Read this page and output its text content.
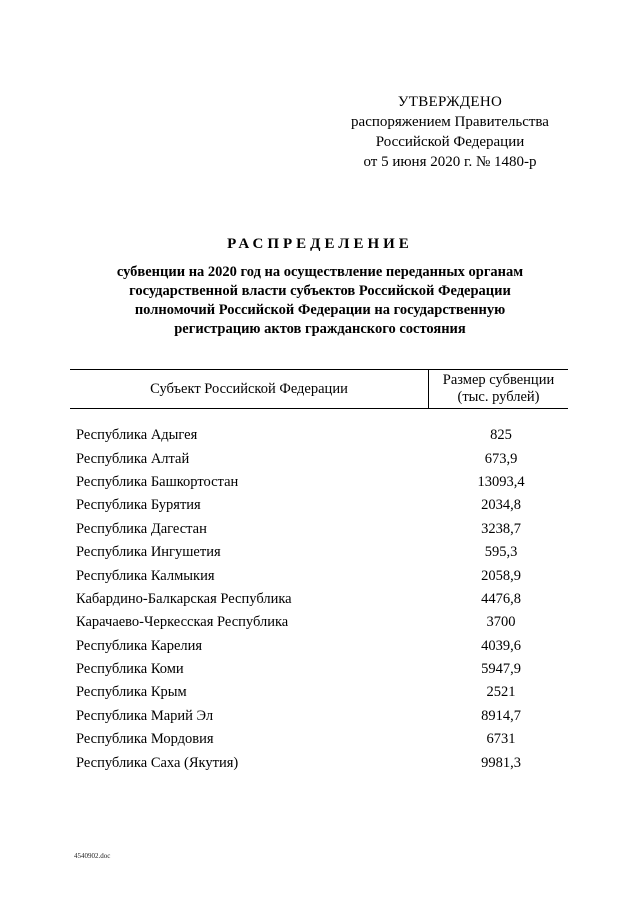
УТВЕРЖДЕНО
распоряжением Правительства
Российской Федерации
от 5 июня 2020 г. № 1480-р
РАСПРЕДЕЛЕНИЕ
субвенции на 2020 год на осуществление переданных органам
государственной власти субъектов Российской Федерации
полномочий Российской Федерации на государственную
регистрацию актов гражданского состояния
Субъект Российской Федерации
Размер субвенции
(тыс. рублей)
Республика Адыгея	825
Республика Алтай	673,9
Республика Башкортостан	13093,4
Республика Бурятия	2034,8
Республика Дагестан	3238,7
Республика Ингушетия	595,3
Республика Калмыкия	2058,9
Кабардино-Балкарская Республика	4476,8
Карачаево-Черкесская Республика	3700
Республика Карелия	4039,6
Республика Коми	5947,9
Республика Крым	2521
Республика Марий Эл	8914,7
Республика Мордовия	6731
Республика Саха (Якутия)	9981,3
4540902.doc
